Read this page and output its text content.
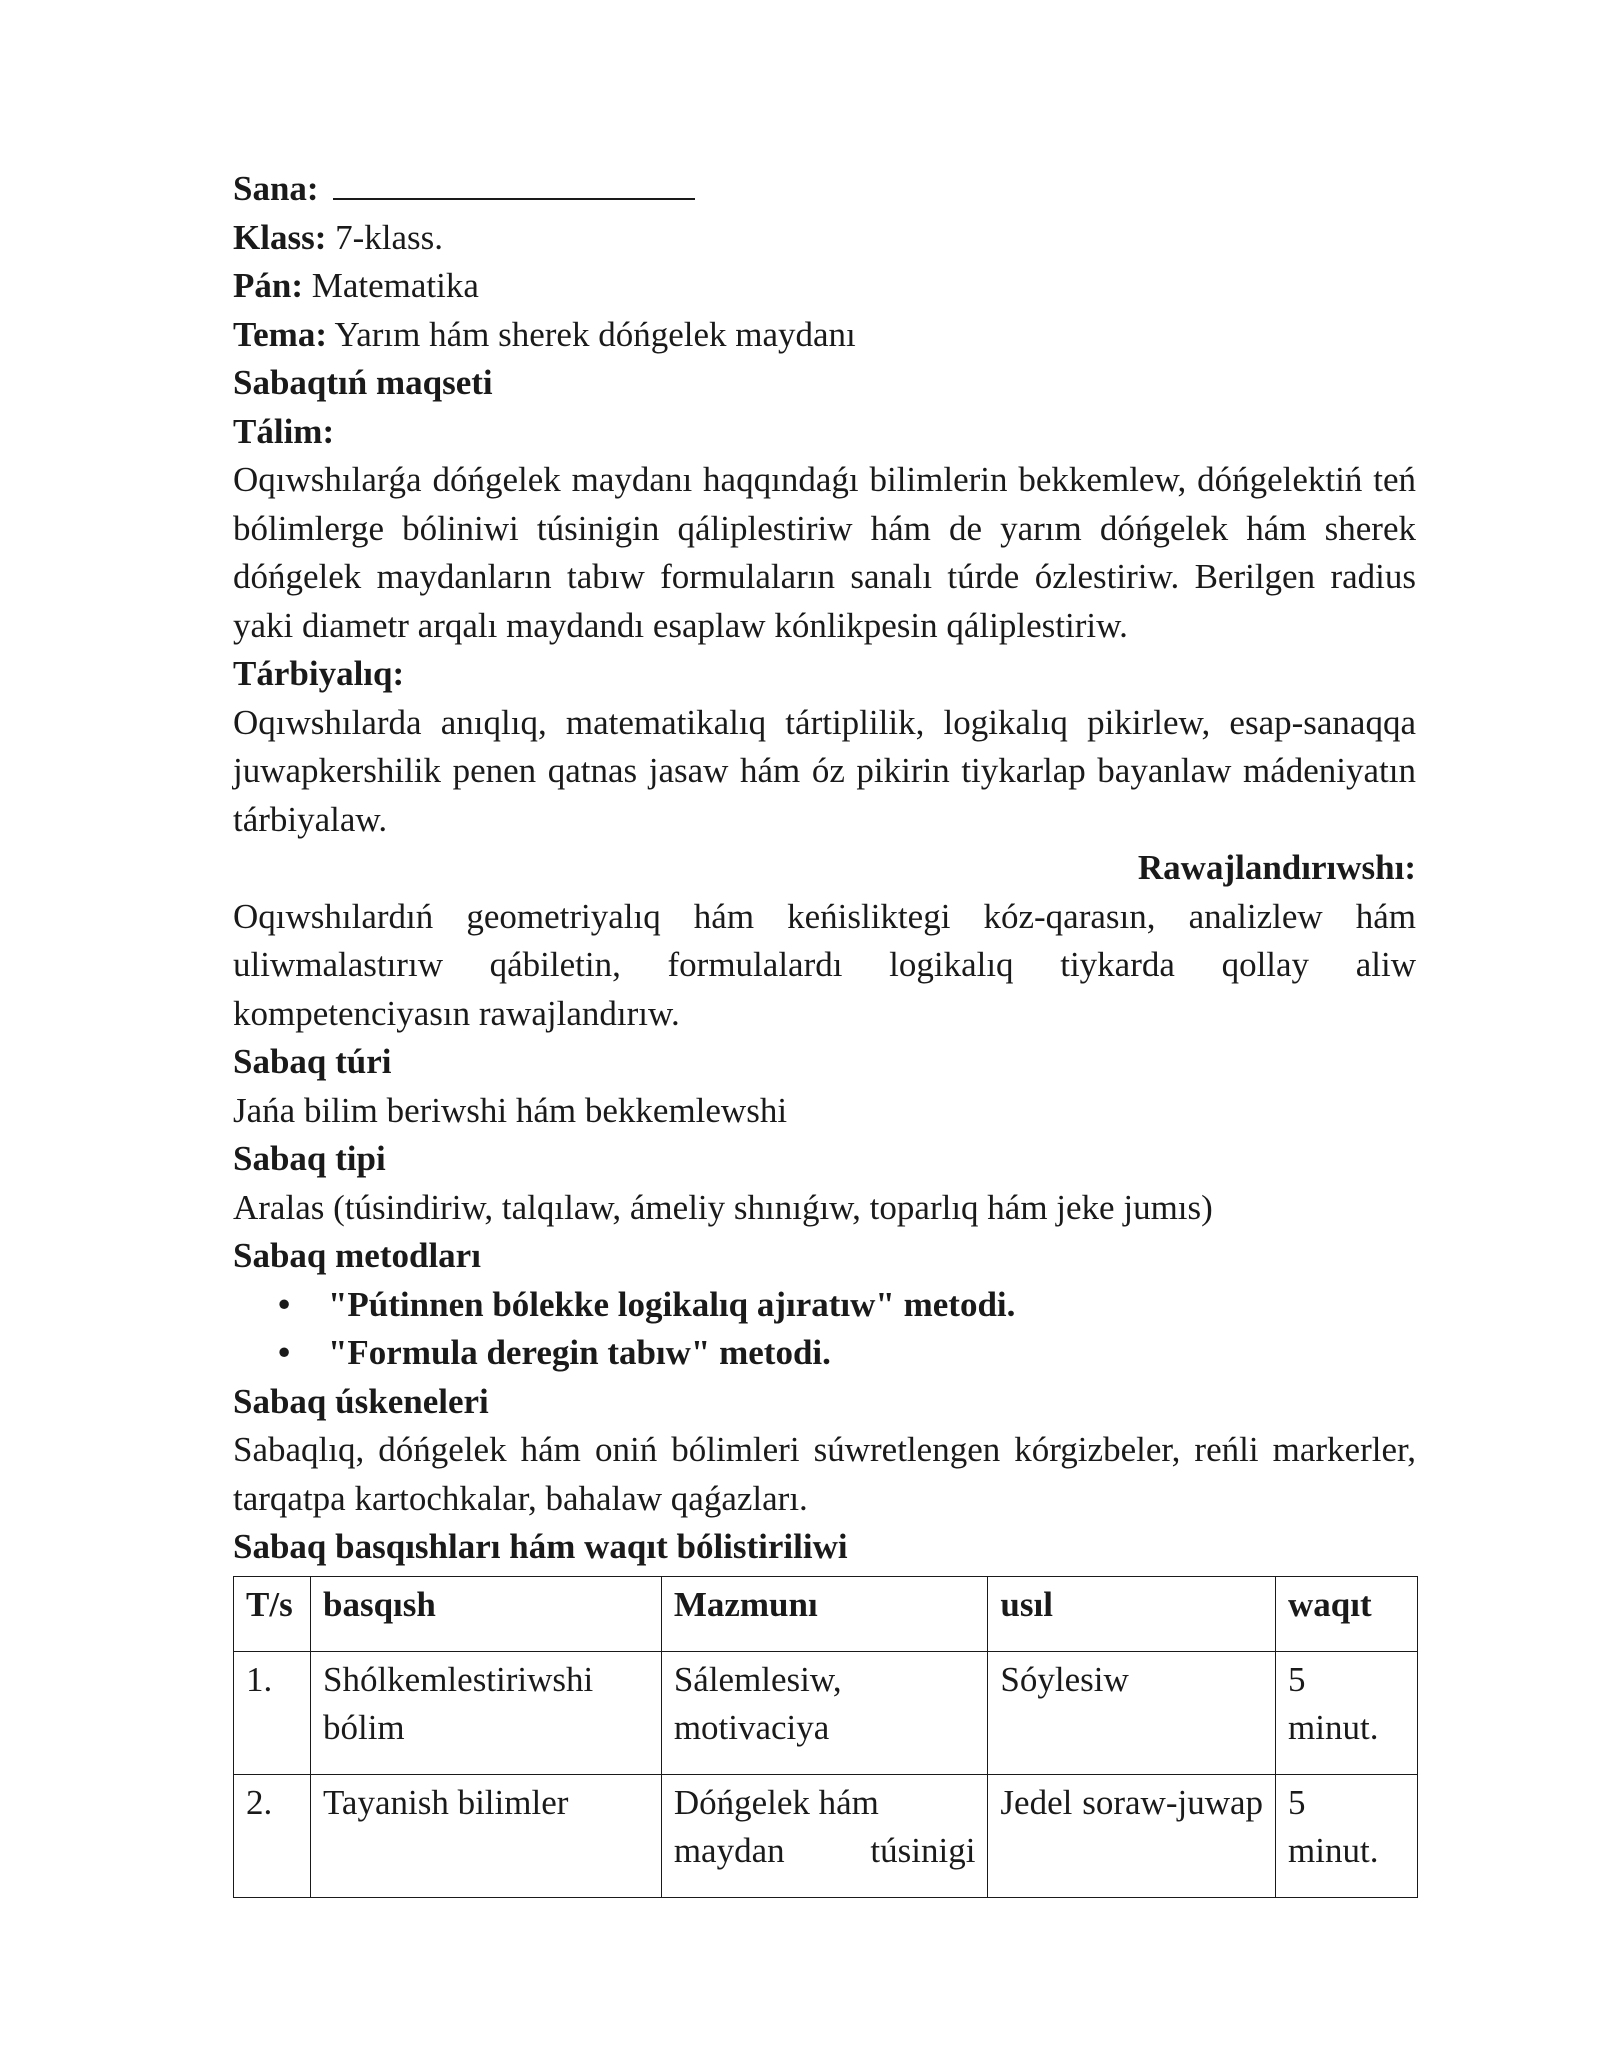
Sana:

Klass: 7-klass.

Pán: Matematika

Tema: Yarım hám sherek dóńgelek maydanı

Sabaqtıń maqseti

Tálim:

Oqıwshılarǵa dóńgelek maydanı haqqındaǵı bilimlerin bekkemlew, dóńgelektiń teń bólimlerge bóliniwi túsinigin qáliplestiriw hám de yarım dóńgelek hám sherek dóńgelek maydanların tabıw formulaların sanalı túrde ózlestiriw. Berilgen radius yaki diametr arqalı maydandı esaplaw kónlikpesin qáliplestiriw.

Tárbiyalıq:

Oqıwshılarda anıqlıq, matematikalıq tártiplilik, logikalıq pikirlew, esap-sanaqqa juwapkershilik penen qatnas jasaw hám óz pikirin tiykarlap bayanlaw mádeniyatın tárbiyalaw.

Rawajlandırıwshı:

Oqıwshılardıń geometriyalıq hám keńisliktegi kóz-qarasın, analizlew hám uliwmalastırıw qábiletin, formulalardı logikalıq tiykarda qollay aliw kompetenciyasın rawajlandırıw.

Sabaq túri

Jańa bilim beriwshi hám bekkemlewshi

Sabaq tipi

Aralas (túsindiriw, talqılaw, ámeliy shınıǵıw, toparlıq hám jeke jumıs)

Sabaq metodları

• "Pútinnen bólekke logikalıq ajıratıw" metodi.
• "Formula deregin tabıw" metodi.

Sabaq úskeneleri

Sabaqlıq, dóńgelek hám oniń bólimleri súwretlengen kórgizbeler, reńli markerler, tarqatpa kartochkalar, bahalaw qaǵazları.

Sabaq basqıshları hám waqıt bólistiriliwi

T/s	basqısh	Mazmunı	usıl	waqıt
1.	Shólkemlestiriwshi bólim	Sálemlesiw, motivaciya	Sóylesiw	5 minut.
2.	Tayanish bilimler	Dóńgelek hám maydan túsinigi	Jedel soraw-juwap	5 minut.
